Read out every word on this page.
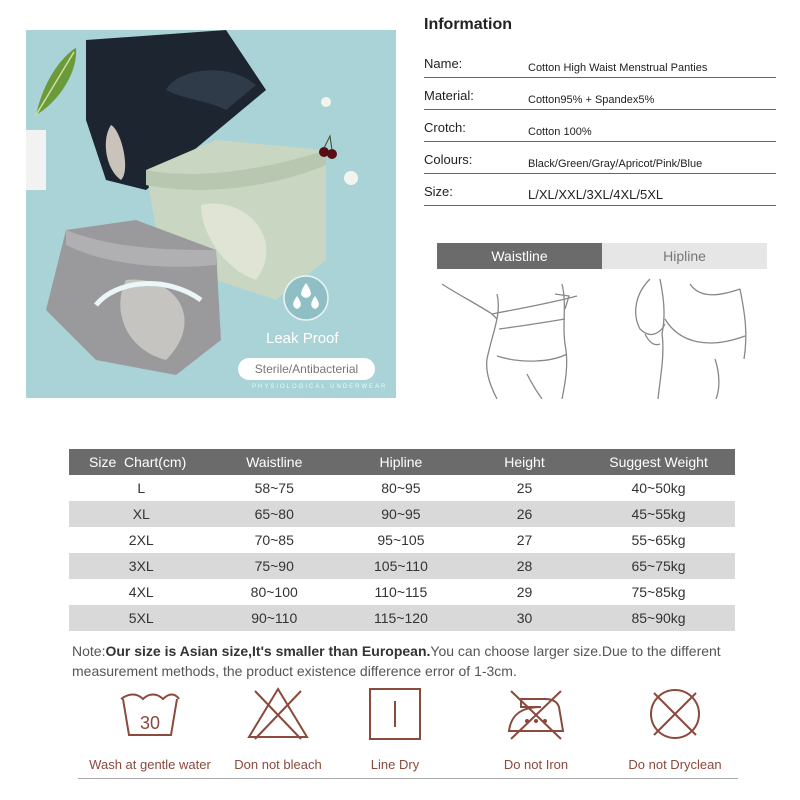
Leak Proof
Sterile/Antibacterial
PHYSIOLOGICAL UNDERWEAR
Information
Name:	Cotton High Waist Menstrual Panties
Material:	Cotton95% + Spandex5%
Crotch:	Cotton 100%
Colours:	Black/Green/Gray/Apricot/Pink/Blue
Size:	L/XL/XXL/3XL/4XL/5XL
Waistline	Hipline
Size Chart(cm)	Waistline	Hipline	Height	Suggest Weight
L	58~75	80~95	25	40~50kg
XL	65~80	90~95	26	45~55kg
2XL	70~85	95~105	27	55~65kg
3XL	75~90	105~110	28	65~75kg
4XL	80~100	110~115	29	75~85kg
5XL	90~110	115~120	30	85~90kg
Note:Our size is Asian size,It's smaller than European.You can choose larger size.Due to the different measurement methods, the product existence difference error of 1-3cm.
30
Wash at gentle water	Don not bleach	Line Dry	Do not Iron	Do not Dryclean
